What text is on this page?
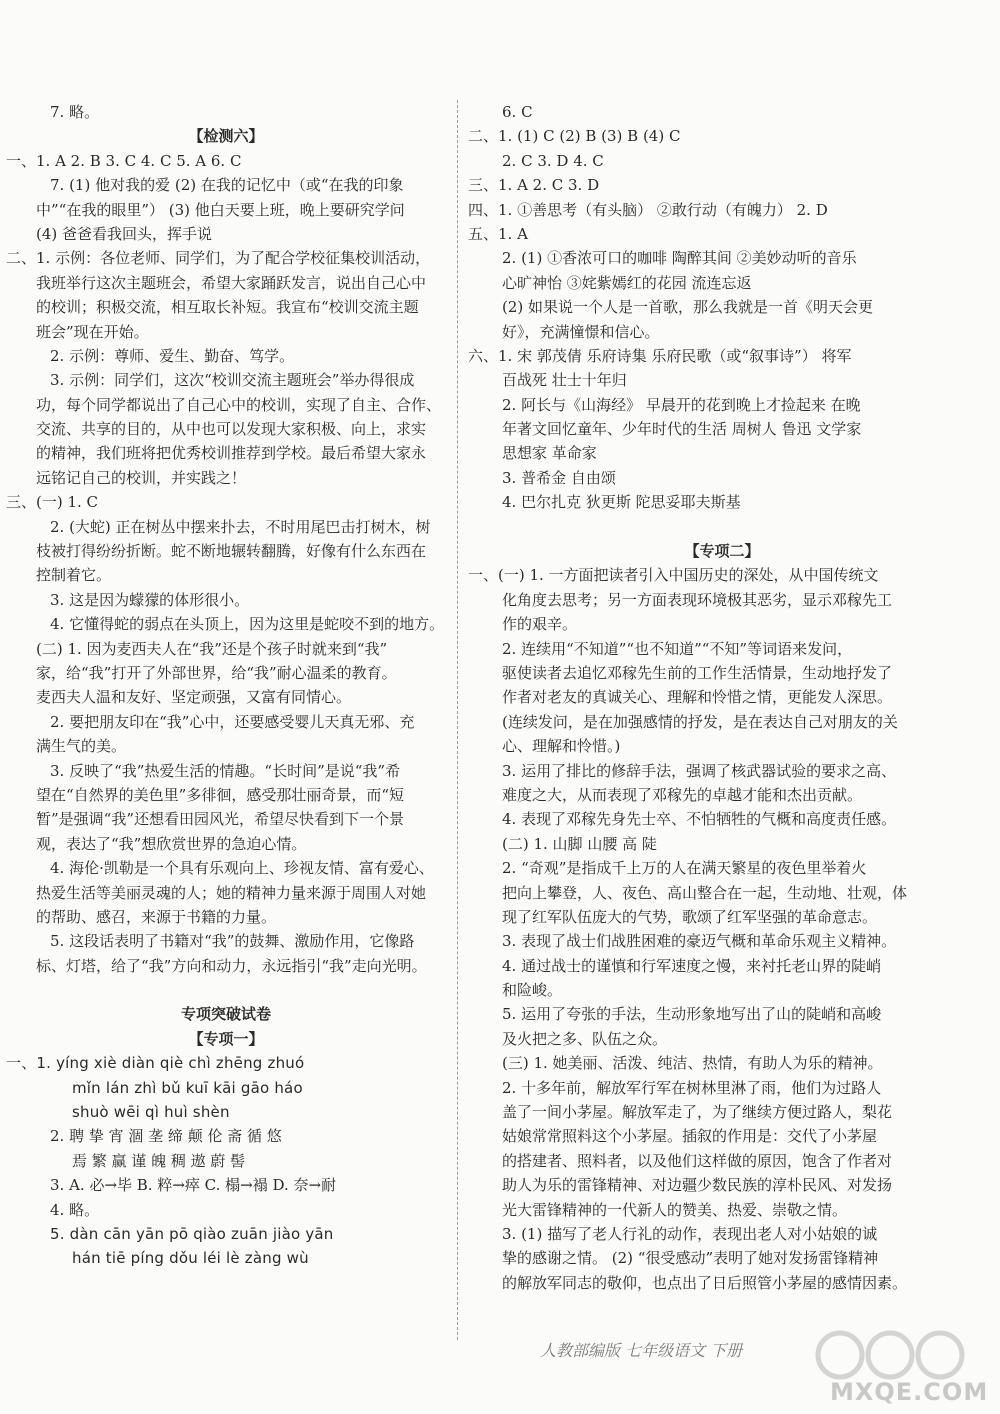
7. 略。
【检测六】
一、1. A 2. B 3. C 4. C 5. A 6. C
7. (1) 他对我的爱 (2) 在我的记忆中（或“在我的印象
中”“在我的眼里”） (3) 他白天要上班，晚上要研究学问
(4) 爸爸看我回头，挥手说
二、1. 示例：各位老师、同学们，为了配合学校征集校训活动，
我班举行这次主题班会，希望大家踊跃发言，说出自己心中
的校训；积极交流，相互取长补短。我宣布“校训交流主题
班会”现在开始。
2. 示例：尊师、爱生、勤奋、笃学。
3. 示例：同学们，这次“校训交流主题班会”举办得很成
功，每个同学都说出了自己心中的校训，实现了自主、合作、
交流、共享的目的，从中也可以发现大家积极、向上，求实
的精神，我们班将把优秀校训推荐到学校。最后希望大家永
远铭记自己的校训，并实践之！
三、(一) 1. C
2. (大蛇) 正在树丛中摆来扑去，不时用尾巴击打树木，树
枝被打得纷纷折断。蛇不断地辗转翻腾，好像有什么东西在
控制着它。
3. 这是因为蠓獴的体形很小。
4. 它懂得蛇的弱点在头顶上，因为这里是蛇咬不到的地方。
(二) 1. 因为麦西夫人在“我”还是个孩子时就来到“我”
家，给“我”打开了外部世界，给“我”耐心温柔的教育。
麦西夫人温和友好、坚定顽强，又富有同情心。
2. 要把朋友印在“我”心中，还要感受婴儿天真无邪、充
满生气的美。
3. 反映了“我”热爱生活的情趣。“长时间”是说“我”希
望在“自然界的美色里”多徘徊，感受那壮丽奇景，而“短
暂”是强调“我”还想看田园风光，希望尽快看到下一个景
观，表达了“我”想欣赏世界的急迫心情。
4. 海伦·凯勒是一个具有乐观向上、珍视友情、富有爱心、
热爱生活等美丽灵魂的人；她的精神力量来源于周围人对她
的帮助、感召，来源于书籍的力量。
5. 这段话表明了书籍对“我”的鼓舞、激励作用，它像路
标、灯塔，给了“我”方向和动力，永远指引“我”走向光明。
专项突破试卷
【专项一】
一、1. yíng xiè diàn qiè chì zhēng zhuó
mǐn lán zhì bǔ kuī kāi gāo háo
shuò wēi qì huì shèn
2. 聘 挚 宵 涸 垄 缔 颠 伦 斋 循 悠
焉 繁 赢 谨 魄 稠 遨 蔚 髻
3. A. 必→毕 B. 粹→瘁 C. 榻→褟 D. 奈→耐
4. 略。
5. dàn cān yān pō qiào zuān jiào yān
hán tiē píng dǒu léi lè zàng wù
6. C
二、1. (1) C (2) B (3) B (4) C
2. C 3. D 4. C
三、1. A 2. C 3. D
四、1. ①善思考（有头脑） ②敢行动（有魄力） 2. D
五、1. A
2. (1) ①香浓可口的咖啡 陶醉其间 ②美妙动听的音乐
心旷神怡 ③姹紫嫣红的花园 流连忘返
(2) 如果说一个人是一首歌，那么我就是一首《明天会更
好》，充满憧憬和信心。
六、1. 宋 郭茂倩 乐府诗集 乐府民歌（或“叙事诗”） 将军
百战死 壮士十年归
2. 阿长与《山海经》 早晨开的花到晚上才捡起来 在晚
年著文回忆童年、少年时代的生活 周树人 鲁迅 文学家
思想家 革命家
3. 普希金 自由颂
4. 巴尔扎克 狄更斯 陀思妥耶夫斯基
【专项二】
一、(一) 1. 一方面把读者引入中国历史的深处，从中国传统文
化角度去思考；另一方面表现环境极其恶劣，显示邓稼先工
作的艰辛。
2. 连续用“不知道”“也不知道”“不知”等词语来发问，
驱使读者去追忆邓稼先生前的工作生活情景，生动地抒发了
作者对老友的真诚关心、理解和怜惜之情，更能发人深思。
(连续发问，是在加强感情的抒发，是在表达自己对朋友的关
心、理解和怜惜。)
3. 运用了排比的修辞手法，强调了核武器试验的要求之高、
难度之大，从而表现了邓稼先的卓越才能和杰出贡献。
4. 表现了邓稼先身先士卒、不怕牺牲的气概和高度责任感。
(二) 1. 山脚 山腰 高 陡
2. “奇观”是指成千上万的人在满天繁星的夜色里举着火
把向上攀登，人、夜色、高山整合在一起，生动地、壮观，体
现了红军队伍庞大的气势，歌颂了红军坚强的革命意志。
3. 表现了战士们战胜困难的豪迈气概和革命乐观主义精神。
4. 通过战士的谨慎和行军速度之慢，来衬托老山界的陡峭
和险峻。
5. 运用了夸张的手法，生动形象地写出了山的陡峭和高峻
及火把之多、队伍之众。
(三) 1. 她美丽、活泼、纯洁、热情，有助人为乐的精神。
2. 十多年前，解放军行军在树林里淋了雨，他们为过路人
盖了一间小茅屋。解放军走了，为了继续方便过路人，梨花
姑娘常常照料这个小茅屋。插叙的作用是：交代了小茅屋
的搭建者、照料者，以及他们这样做的原因，饱含了作者对
助人为乐的雷锋精神、对边疆少数民族的淳朴民风、对发扬
光大雷锋精神的一代新人的赞美、热爱、崇敬之情。
3. (1) 描写了老人行礼的动作，表现出老人对小姑娘的诚
挚的感谢之情。 (2) “很受感动”表明了她对发扬雷锋精神
的解放军同志的敬仰，也点出了日后照管小茅屋的感情因素。
人教部编版 七年级语文 下册
MXQE.COM
